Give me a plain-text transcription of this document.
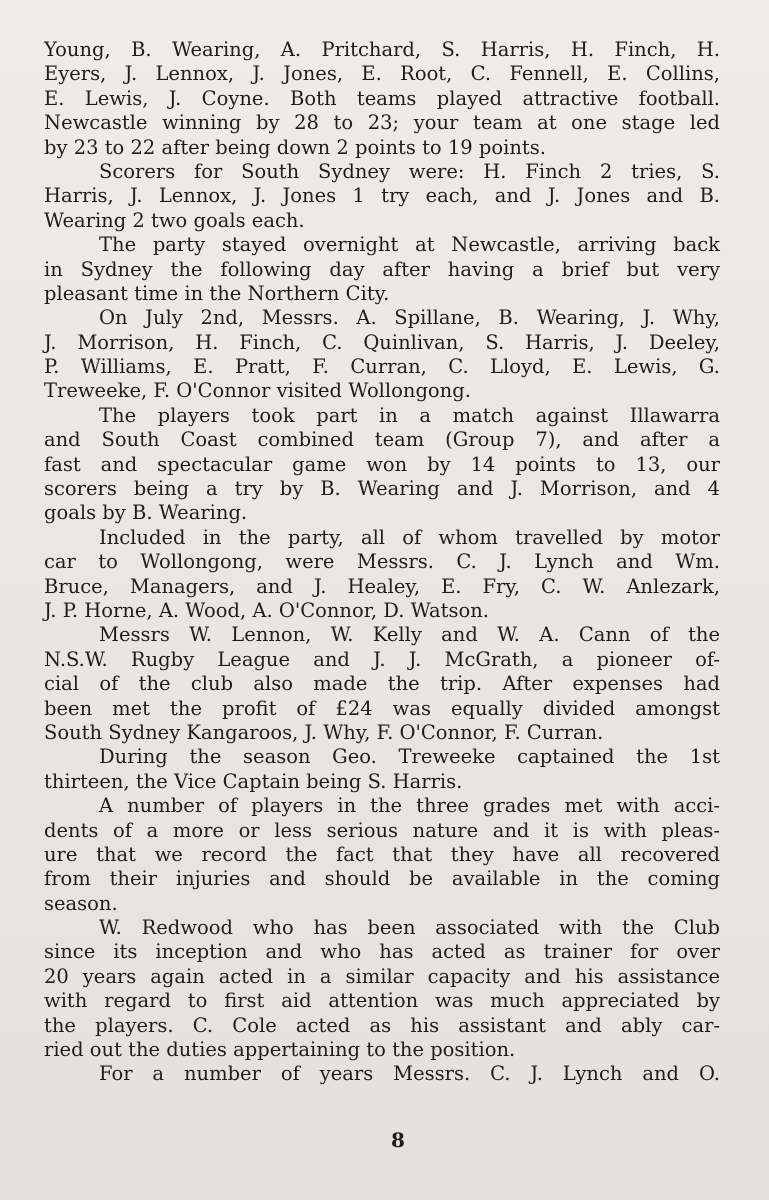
Young, B. Wearing, A. Pritchard, S. Harris, H. Finch, H.
Eyers, J. Lennox, J. Jones, E. Root, C. Fennell, E. Collins,
E. Lewis, J. Coyne. Both teams played attractive football.
Newcastle winning by 28 to 23; your team at one stage led
by 23 to 22 after being down 2 points to 19 points.
Scorers for South Sydney were: H. Finch 2 tries, S.
Harris, J. Lennox, J. Jones 1 try each, and J. Jones and B.
Wearing 2 two goals each.
The party stayed overnight at Newcastle, arriving back
in Sydney the following day after having a brief but very
pleasant time in the Northern City.
On July 2nd, Messrs. A. Spillane, B. Wearing, J. Why,
J. Morrison, H. Finch, C. Quinlivan, S. Harris, J. Deeley,
P. Williams, E. Pratt, F. Curran, C. Lloyd, E. Lewis, G.
Treweeke, F. O'Connor visited Wollongong.
The players took part in a match against Illawarra
and South Coast combined team (Group 7), and after a
fast and spectacular game won by 14 points to 13, our
scorers being a try by B. Wearing and J. Morrison, and 4
goals by B. Wearing.
Included in the party, all of whom travelled by motor
car to Wollongong, were Messrs. C. J. Lynch and Wm.
Bruce, Managers, and J. Healey, E. Fry, C. W. Anlezark,
J. P. Horne, A. Wood, A. O'Connor, D. Watson.
Messrs W. Lennon, W. Kelly and W. A. Cann of the
N.S.W. Rugby League and J. J. McGrath, a pioneer of-
cial of the club also made the trip. After expenses had
been met the profit of £24 was equally divided amongst
South Sydney Kangaroos, J. Why, F. O'Connor, F. Curran.
During the season Geo. Treweeke captained the 1st
thirteen, the Vice Captain being S. Harris.
A number of players in the three grades met with acci-
dents of a more or less serious nature and it is with pleas-
ure that we record the fact that they have all recovered
from their injuries and should be available in the coming
season.
W. Redwood who has been associated with the Club
since its inception and who has acted as trainer for over
20 years again acted in a similar capacity and his assistance
with regard to first aid attention was much appreciated by
the players. C. Cole acted as his assistant and ably car-
ried out the duties appertaining to the position.
For a number of years Messrs. C. J. Lynch and O.
8
